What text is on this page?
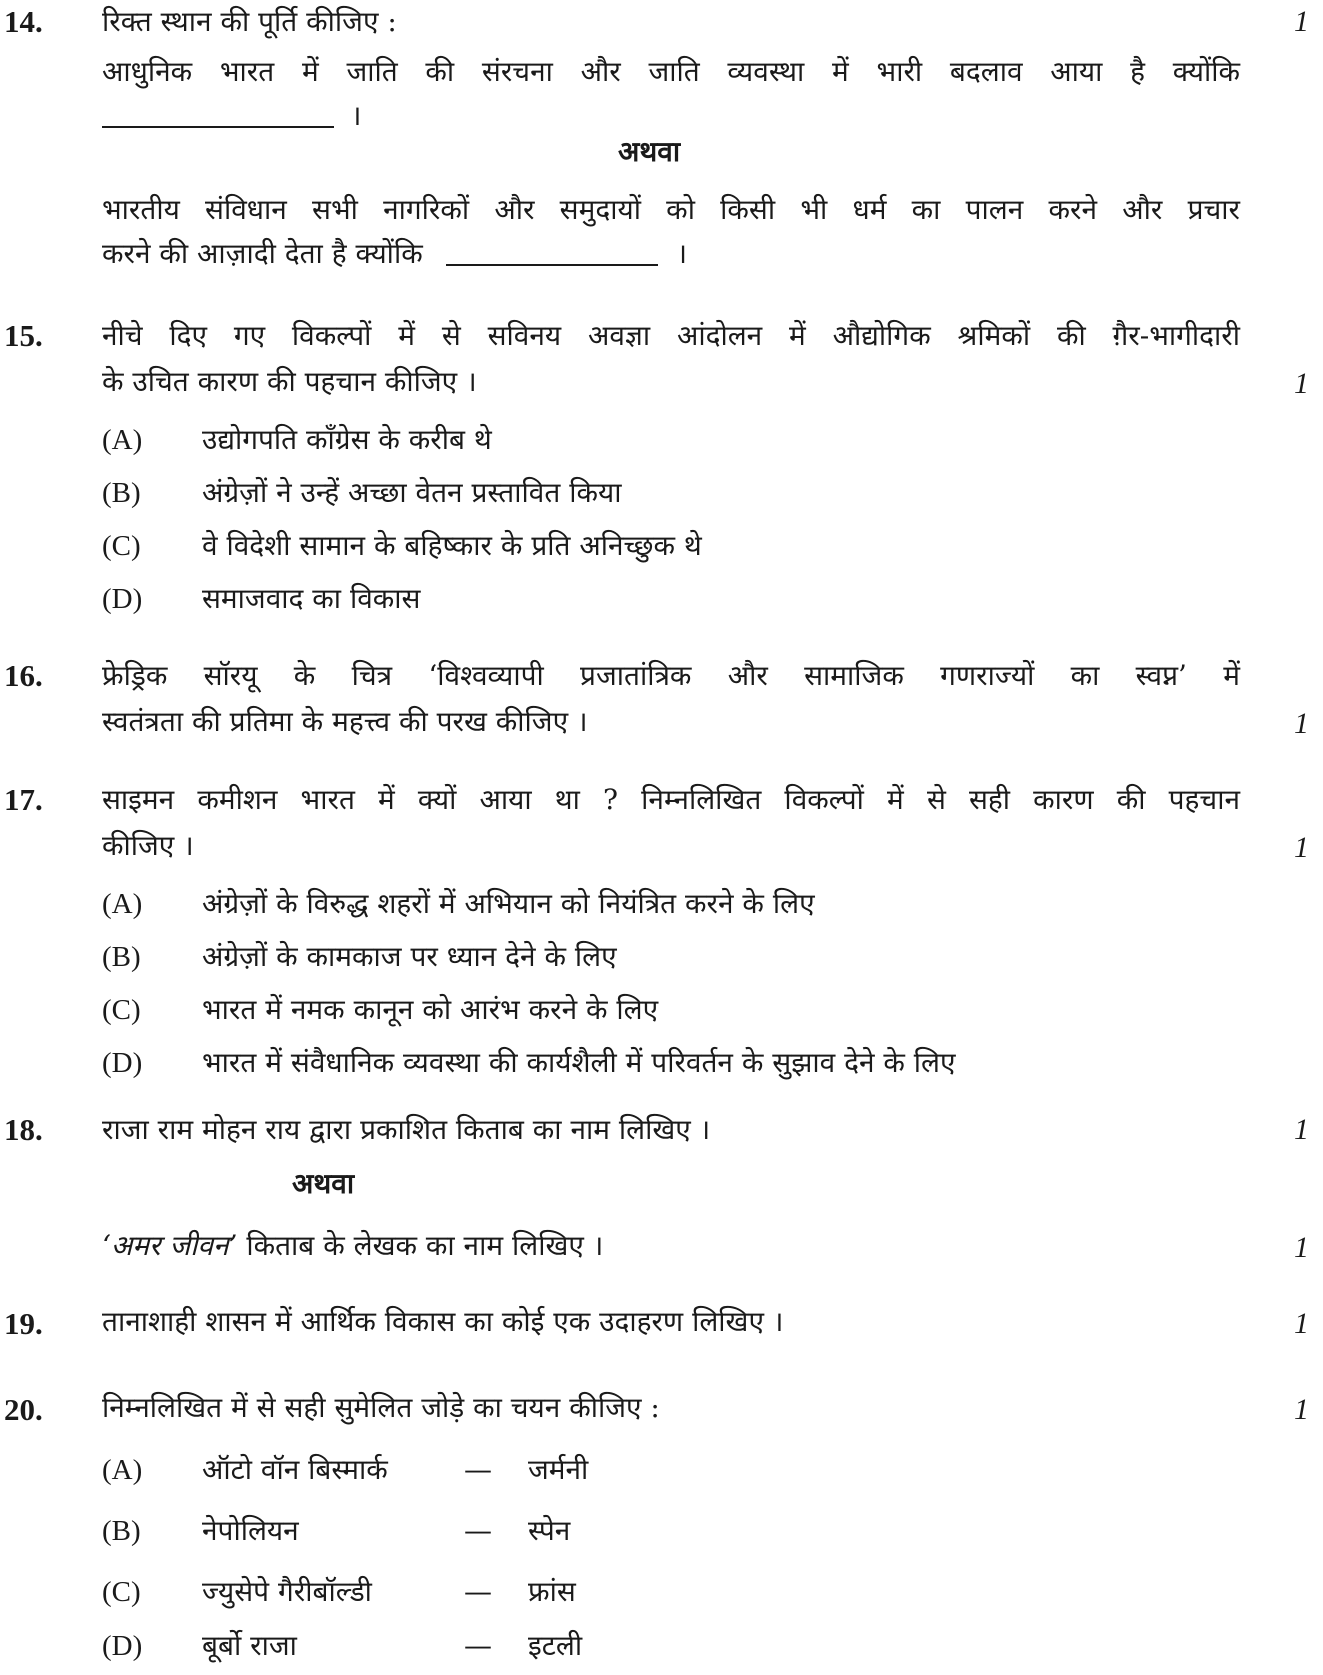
14.	1
रिक्त स्थान की पूर्ति कीजिए :
आधुनिक भारत में जाति की संरचना और जाति व्यवस्था में भारी बदलाव आया है क्योंकि
।
अथवा
भारतीय संविधान सभी नागरिकों और समुदायों को किसी भी धर्म का पालन करने और प्रचार
करने की आज़ादी देता है क्योंकि	।
15. नीचे दिए गए विकल्पों में से सविनय अवज्ञा आंदोलन में औद्योगिक श्रमिकों की ग़ैर-भागीदारी
के उचित कारण की पहचान कीजिए ।	1
(A) उद्योगपति काँग्रेस के करीब थे
(B) अंग्रेज़ों ने उन्हें अच्छा वेतन प्रस्तावित किया
(C) वे विदेशी सामान के बहिष्कार के प्रति अनिच्छुक थे
(D) समाजवाद का विकास
16. फ्रेड्रिक सॉरयू के चित्र ‘विश्वव्यापी प्रजातांत्रिक और सामाजिक गणराज्यों का स्वप्न’ में
स्वतंत्रता की प्रतिमा के महत्त्व की परख कीजिए ।	1
17. साइमन कमीशन भारत में क्यों आया था ? निम्नलिखित विकल्पों में से सही कारण की पहचान
कीजिए ।	1
(A) अंग्रेज़ों के विरुद्ध शहरों में अभियान को नियंत्रित करने के लिए
(B) अंग्रेज़ों के कामकाज पर ध्यान देने के लिए
(C) भारत में नमक कानून को आरंभ करने के लिए
(D) भारत में संवैधानिक व्यवस्था की कार्यशैली में परिवर्तन के सुझाव देने के लिए
18. राजा राम मोहन राय द्वारा प्रकाशित किताब का नाम लिखिए ।	1
अथवा
‘अमर जीवन’ किताब के लेखक का नाम लिखिए ।	1
19. तानाशाही शासन में आर्थिक विकास का कोई एक उदाहरण लिखिए ।	1
20. निम्नलिखित में से सही सुमेलित जोड़े का चयन कीजिए :	1
(A) ऑटो वॉन बिस्मार्क	— जर्मनी
(B) नेपोलियन	— स्पेन
(C) ज्युसेपे गैरीबॉल्डी	— फ्रांस
(D) बूर्बो राजा	— इटली
